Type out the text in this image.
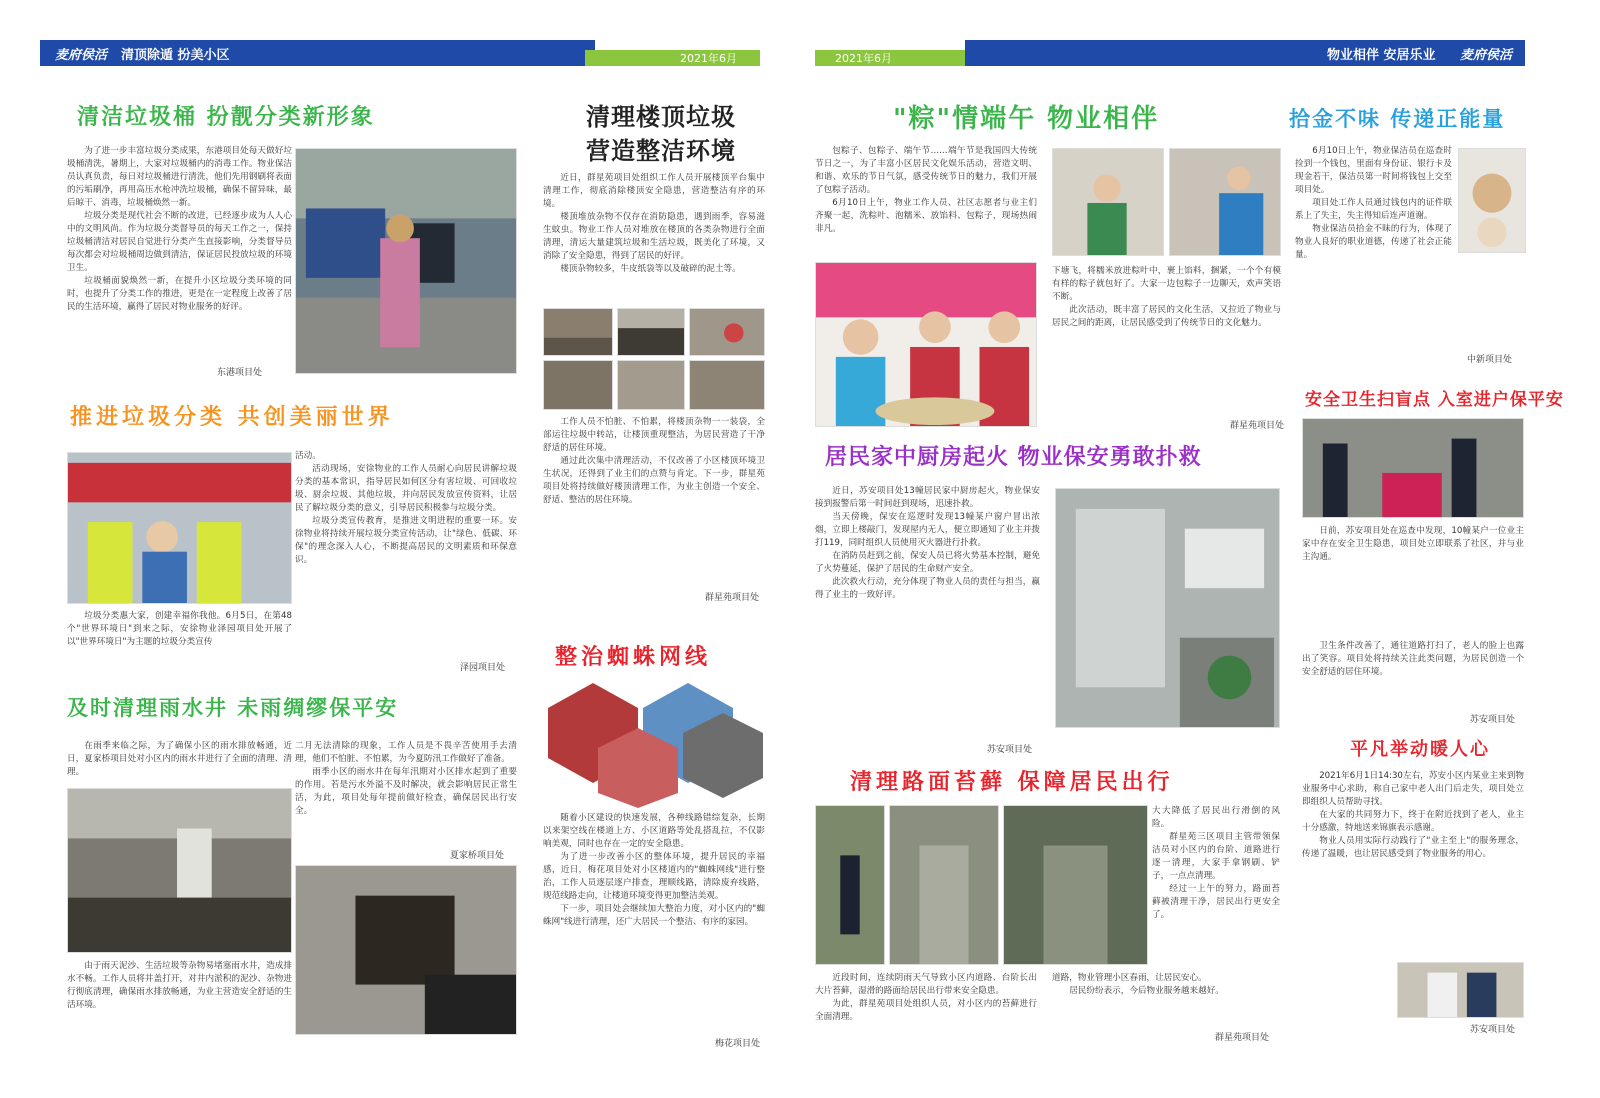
麦府侯活 清顶除遁 扮美小区	2021年6月
清洁垃圾桶 扮靓分类新形象

为了进一步丰富垃圾分类成果，东港项目处每天做好垃圾桶清洗，暑期上，大家对垃圾桶内的消毒工作。物业保洁员认真负责，每日对垃圾桶进行清洗，他们先用钢刷将表面的污垢刷净，再用高压水枪冲洗垃圾桶，确保不留异味，最后晾干、消毒，垃圾桶焕然一新。

垃圾分类是现代社会不断的改进，已经逐步成为人人心中的文明风尚。作为垃圾分类督导员的每天工作之一，保持垃圾桶清洁对居民自觉进行分类产生直接影响，分类督导员每次都会对垃圾桶周边做到清洁，保证居民投放垃圾的环境卫生。

垃圾桶面貌焕然一新，在提升小区垃圾分类环境的同时，也提升了分类工作的推进，更是在一定程度上改善了居民的生活环境，赢得了居民对物业服务的好评。

东港项目处
清理楼顶垃圾
营造整洁环境

近日，群星苑项目处组织工作人员开展楼顶平台集中清理工作，彻底消除楼顶安全隐患，营造整洁有序的环境。

楼顶堆放杂物不仅存在消防隐患，遇到雨季，容易滋生蚊虫。物业工作人员对堆放在楼顶的各类杂物进行全面清理，清运大量建筑垃圾和生活垃圾，既美化了环境，又消除了安全隐患，得到了居民的好评。

楼顶杂物较多，牛皮纸袋等以及破碎的泥土等。

工作人员不怕脏、不怕累，将楼顶杂物一一装袋，全部运往垃圾中转站，让楼顶重现整洁，为居民营造了干净舒适的居住环境。

通过此次集中清理活动，不仅改善了小区楼顶环境卫生状况，还得到了业主们的点赞与肯定。下一步，群星苑项目处将持续做好楼顶清理工作，为业主创造一个安全、舒适、整洁的居住环境。

群星苑项目处
推进垃圾分类 共创美丽世界

垃圾分类惠大家，创建幸福你我他。6月5日，在第48个"世界环境日"到来之际，安徐物业泽园项目处开展了以"世界环境日"为主题的垃圾分类宣传

活动。

活动现场，安徐物业的工作人员耐心向居民讲解垃圾分类的基本常识，指导居民如何区分有害垃圾、可回收垃圾、厨余垃圾、其他垃圾，并向居民发放宣传资料，让居民了解垃圾分类的意义，引导居民积极参与垃圾分类。

垃圾分类宣传教育，是推进文明进程的重要一环。安徐物业将持续开展垃圾分类宣传活动，让"绿色、低碳、环保"的理念深入人心，不断提高居民的文明素质和环保意识。

泽园项目处 整治蜘蛛网线

随着小区建设的快速发展，各种线路错综复杂，长期以来架空线在楼道上方、小区道路等处乱搭乱拉，不仅影响美观，同时也存在一定的安全隐患。

为了进一步改善小区的整体环境，提升居民的幸福感，近日，梅花项目处对小区楼道内的"蜘蛛网线"进行整治，工作人员逐层逐户排查，理顺线路，清除废弃线路，规范线路走向，让楼道环境变得更加整洁美观。

下一步，项目处会继续加大整治力度，对小区内的"蜘蛛网"线进行清理，还广大居民一个整洁、有序的家园。

梅花项目处
及时清理雨水井 未雨绸缪保平安

在雨季来临之际，为了确保小区的雨水排放畅通，近日，夏家桥项目处对小区内的雨水井进行了全面的清理、清理。

由于雨天泥沙、生活垃圾等杂物易堵塞雨水井，造成排水不畅。工作人员将井盖打开，对井内淤积的泥沙、杂物进行彻底清理，确保雨水排放畅通，为业主营造安全舒适的生活环境。

二月无法清除的现象，工作人员是不畏辛苦使用手去清理，他们不怕脏、不怕累，为今夏防汛工作做好了准备。

雨季小区的雨水井在每年汛期对小区排水起到了重要的作用。若是污水外溢不及时解决，就会影响居民正常生活，为此，项目处每年提前做好检查，确保居民出行安全。

夏家桥项目处
2021年6月	物业相伴 安居乐业 麦府侯活
"粽"情端午 物业相伴

包粽子、包粽子、端午节……端午节是我国四大传统节日之一，为了丰富小区居民文化娱乐活动，营造文明、和谐、欢乐的节日气氛，感受传统节日的魅力，我们开展了包粽子活动。

6月10日上午，物业工作人员、社区志愿者与业主们齐聚一起，洗粽叶、泡糯米、放馅料、包粽子，现场热闹非凡。

下塘飞，将糯米放进粽叶中，裹上馅料，捆紧，一个个有模有样的粽子就包好了。大家一边包粽子一边聊天，欢声笑语不断。

此次活动，既丰富了居民的文化生活，又拉近了物业与居民之间的距离，让居民感受到了传统节日的文化魅力。

群星苑项目处
拾金不味 传递正能量

6月10日上午，物业保洁员在巡查时捡到一个钱包，里面有身份证、银行卡及现金若干，保洁员第一时间将钱包上交至项目处。

项目处工作人员通过钱包内的证件联系上了失主，失主得知后连声道谢。

物业保洁员拾金不昧的行为，体现了物业人良好的职业道德，传递了社会正能量。

中新项目处
安全卫生扫盲点 入室进户保平安

日前，苏安项目处在巡查中发现，10幢某户一位业主家中存在安全卫生隐患，项目处立即联系了社区，并与业主沟通。

卫生条件改善了，通往道路打扫了，老人的脸上也露出了笑容。项目处将持续关注此类问题，为居民创造一个安全舒适的居住环境。

苏安项目处
居民家中厨房起火 物业保安勇敢扑救

近日，苏安项目处13幢居民家中厨房起火，物业保安接到报警后第一时间赶到现场，迅速扑救。

当天傍晚，保安在巡逻时发现13幢某户窗户冒出浓烟，立即上楼敲门，发现屋内无人，便立即通知了业主并拨打119，同时组织人员使用灭火器进行扑救。

在消防员赶到之前，保安人员已将火势基本控制，避免了火势蔓延，保护了居民的生命财产安全。

此次救火行动，充分体现了物业人员的责任与担当，赢得了业主的一致好评。

苏安项目处
清理路面苔藓 保障居民出行

大大降低了居民出行滑倒的风险。

群星苑三区项目主管带领保洁员对小区内的台阶、道路进行逐一清理，大家手拿钢刷、铲子，一点点清理。

经过一上午的努力，路面苔藓被清理干净，居民出行更安全了。

近段时间，连续阴雨天气导致小区内道路、台阶长出大片苔藓，湿滑的路面给居民出行带来安全隐患。

为此，群星苑项目处组织人员，对小区内的苔藓进行全面清理。

道路，物业管理小区春雨，让居民安心。

居民纷纷表示，今后物业服务越来越好。

群星苑项目处
平凡举动暖人心

2021年6月1日14:30左右，苏安小区内某业主来到物业服务中心求助，称自己家中老人出门后走失，项目处立即组织人员帮助寻找。

在大家的共同努力下，终于在附近找到了老人，业主十分感激，特地送来锦旗表示感谢。

物业人员用实际行动践行了"业主至上"的服务理念，传递了温暖，也让居民感受到了物业服务的用心。

苏安项目处
